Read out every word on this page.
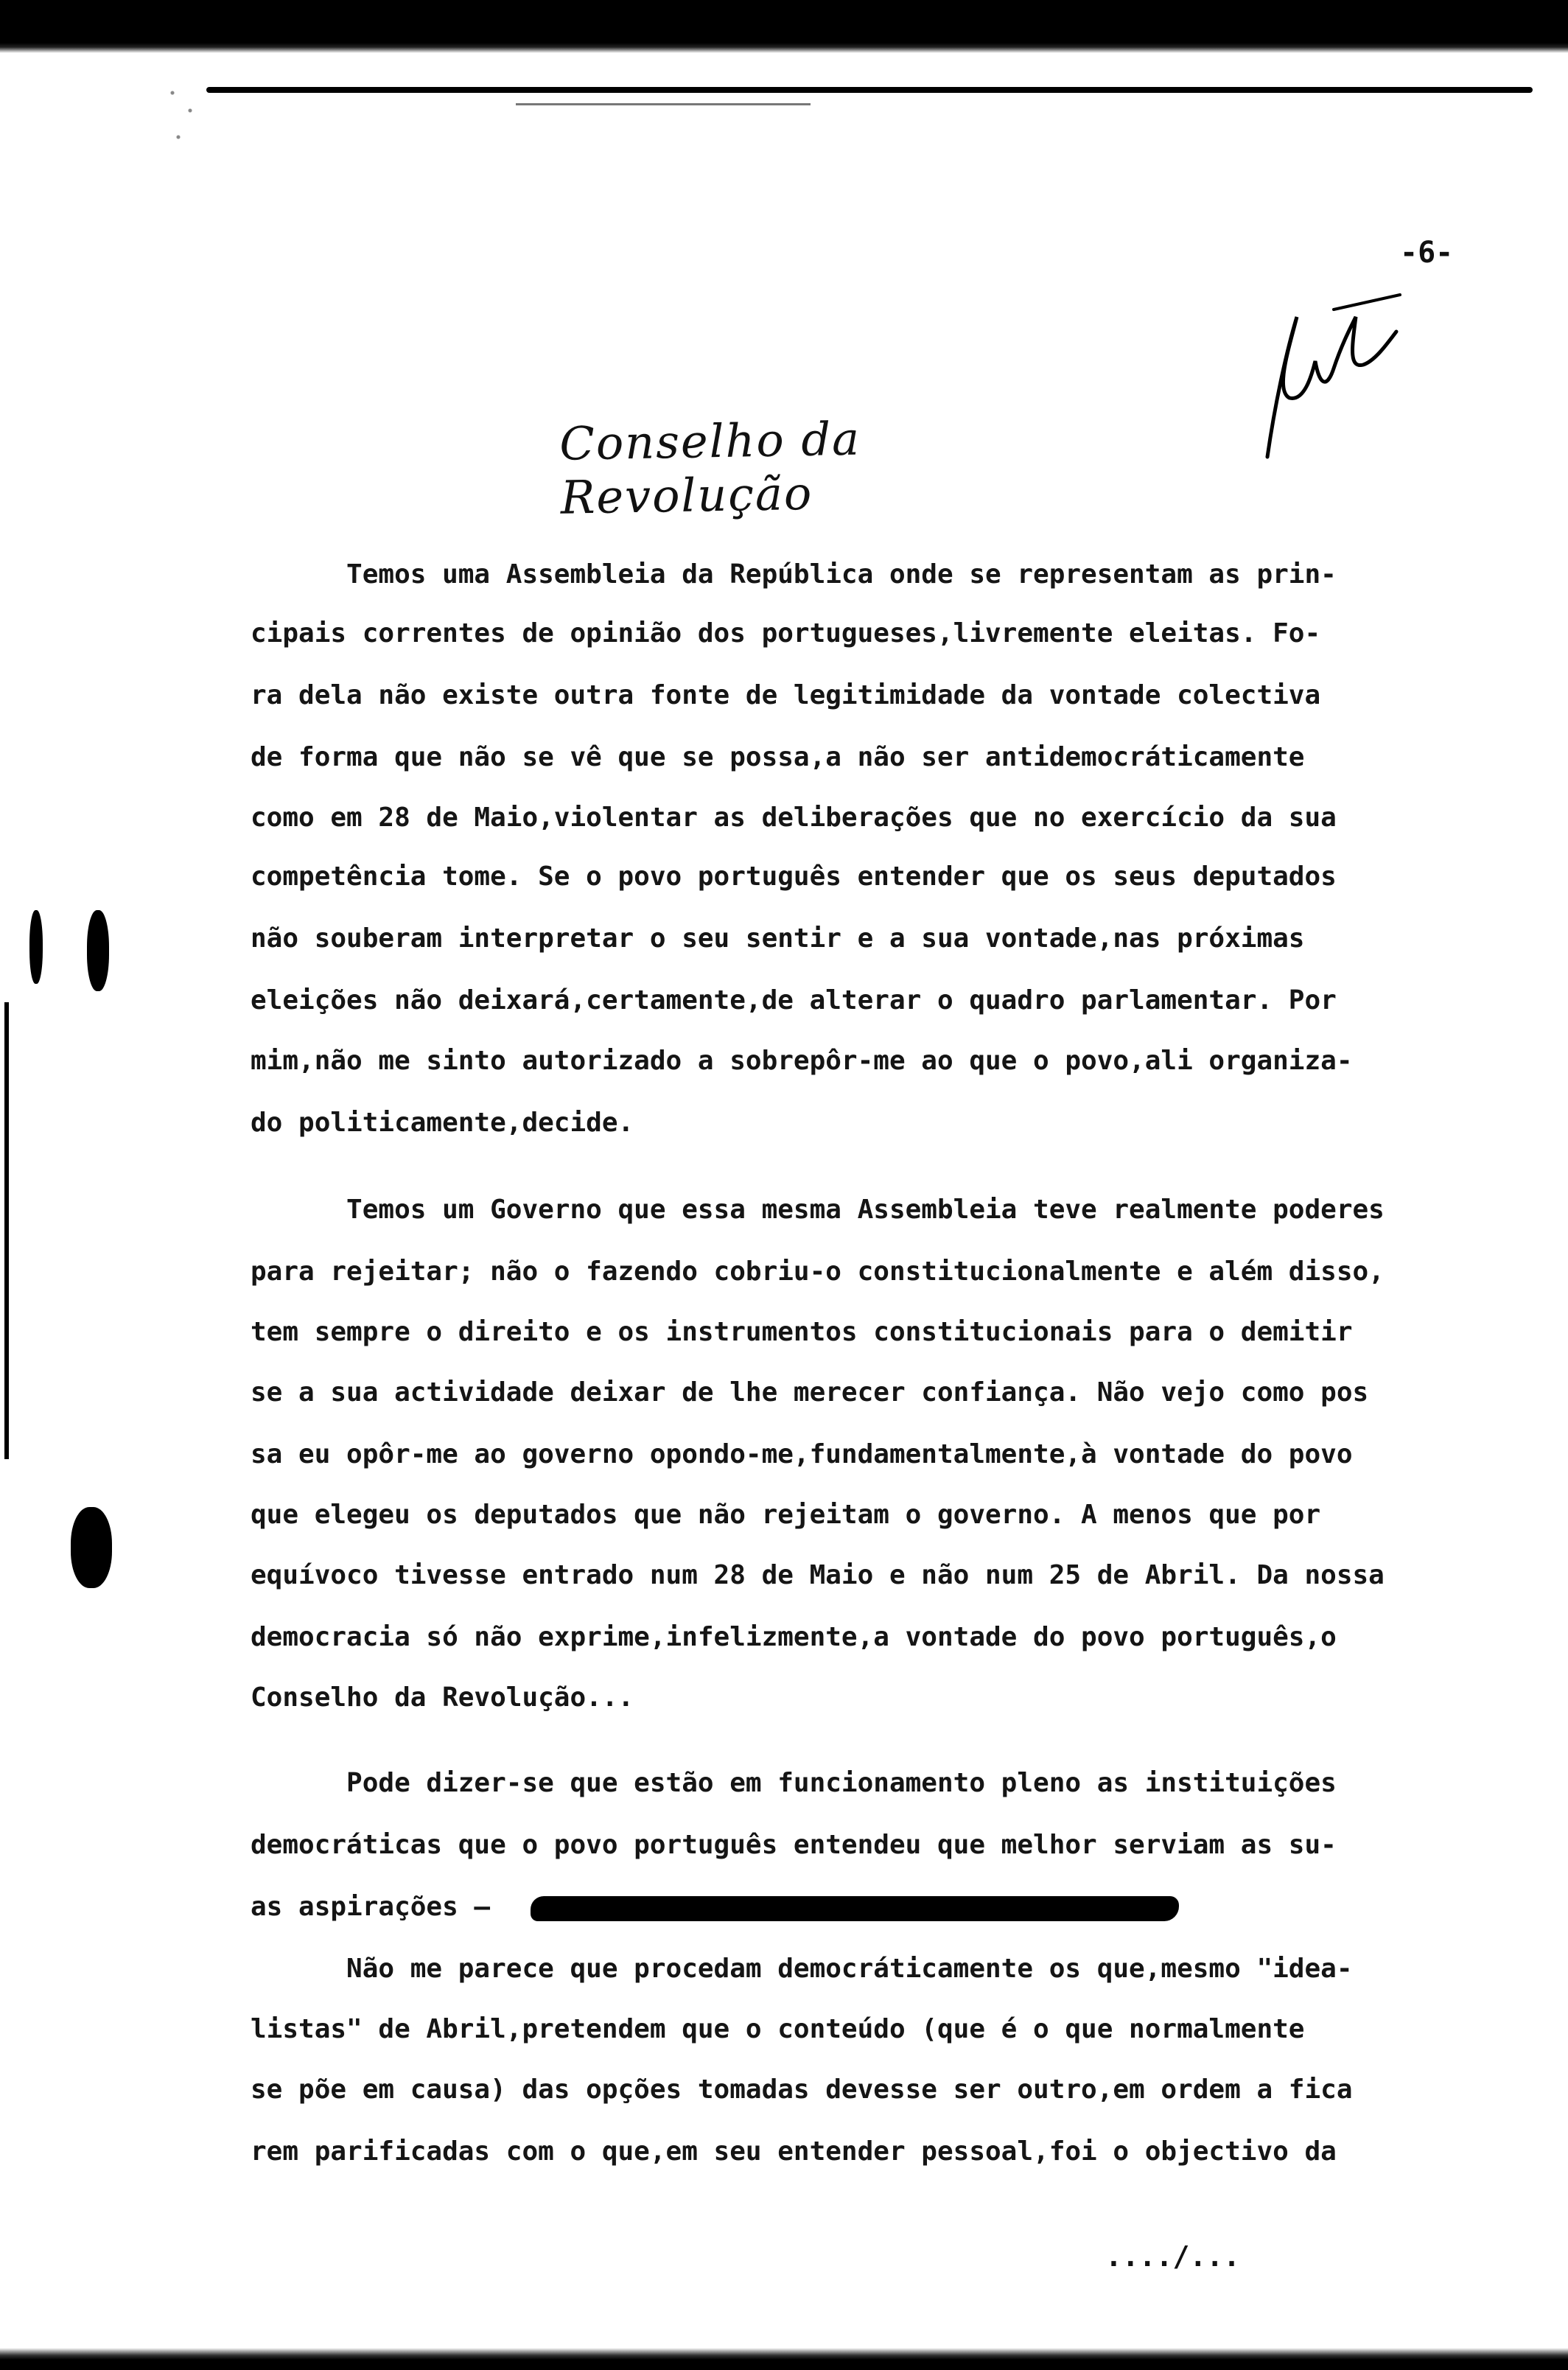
-6-
Conselho da Revolução
Temos uma Assembleia da República onde se representam as prin-
cipais correntes de opinião dos portugueses,livremente eleitas. Fo-
ra dela não existe outra fonte de legitimidade da vontade colectiva
de forma que não se vê que se possa,a não ser antidemocráticamente
como em 28 de Maio,violentar as deliberações que no exercício da sua
competência tome. Se o povo português entender que os seus deputados
não souberam interpretar o seu sentir e a sua vontade,nas próximas
eleições não deixará,certamente,de alterar o quadro parlamentar. Por
mim,não me sinto autorizado a sobrepôr-me ao que o povo,ali organiza-
do politicamente,decide.
Temos um Governo que essa mesma Assembleia teve realmente poderes
para rejeitar; não o fazendo cobriu-o constitucionalmente e além disso,
tem sempre o direito e os instrumentos constitucionais para o demitir
se a sua actividade deixar de lhe merecer confiança. Não vejo como pos
sa eu opôr-me ao governo opondo-me,fundamentalmente,à vontade do povo
que elegeu os deputados que não rejeitam o governo. A menos que por
equívoco tivesse entrado num 28 de Maio e não num 25 de Abril. Da nossa
democracia só não exprime,infelizmente,a vontade do povo português,o
Conselho da Revolução...
Pode dizer-se que estão em funcionamento pleno as instituições
democráticas que o povo português entendeu que melhor serviam as su-
as aspirações —
Não me parece que procedam democráticamente os que,mesmo "idea-
listas" de Abril,pretendem que o conteúdo (que é o que normalmente
se põe em causa) das opções tomadas devesse ser outro,em ordem a fica
rem parificadas com o que,em seu entender pessoal,foi o objectivo da
..../...
